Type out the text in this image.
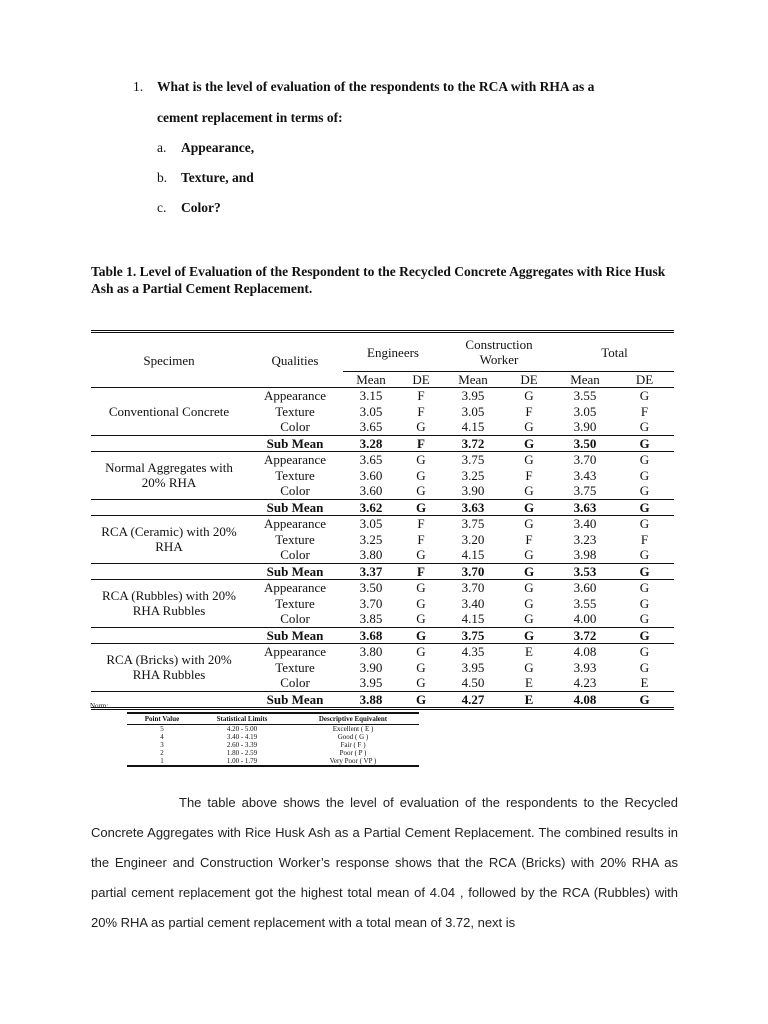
1. What is the level of evaluation of the respondents to the RCA with RHA as a
cement replacement in terms of:
a. Appearance,
b. Texture, and
c. Color?
Table 1. Level of Evaluation of the Respondent to the Recycled Concrete Aggregates with Rice Husk Ash as a Partial Cement Replacement.
Specimen	Qualities	Engineers		Construction Worker		Total	
		Mean	DE	Mean	DE	Mean	DE
Conventional Concrete	Appearance	3.15	F	3.95	G	3.55	G
	Texture	3.05	F	3.05	F	3.05	F
	Color	3.65	G	4.15	G	3.90	G
	Sub Mean	3.28	F	3.72	G	3.50	G
Normal Aggregates with 20% RHA	Appearance	3.65	G	3.75	G	3.70	G
	Texture	3.60	G	3.25	F	3.43	G
	Color	3.60	G	3.90	G	3.75	G
	Sub Mean	3.62	G	3.63	G	3.63	G
RCA (Ceramic) with 20% RHA	Appearance	3.05	F	3.75	G	3.40	G
	Texture	3.25	F	3.20	F	3.23	F
	Color	3.80	G	4.15	G	3.98	G
	Sub Mean	3.37	F	3.70	G	3.53	G
RCA (Rubbles) with 20% RHA Rubbles	Appearance	3.50	G	3.70	G	3.60	G
	Texture	3.70	G	3.40	G	3.55	G
	Color	3.85	G	4.15	G	4.00	G
	Sub Mean	3.68	G	3.75	G	3.72	G
RCA (Bricks) with 20% RHA Rubbles	Appearance	3.80	G	4.35	E	4.08	G
	Texture	3.90	G	3.95	G	3.93	G
	Color	3.95	G	4.50	E	4.23	E
	Sub Mean	3.88	G	4.27	E	4.08	G
Norm:
Point Value	Statistical Limits	Descriptive Equivalent
5	4.20 - 5.00	Excellent ( E )
4	3.40 - 4.19	Good ( G )
3	2.60 - 3.39	Fair ( F )
2	1.80 - 2.59	Poor ( P )
1	1.00 - 1.79	Very Poor ( VP )
The table above shows the level of evaluation of the respondents to the Recycled Concrete Aggregates with Rice Husk Ash as a Partial Cement Replacement. The combined results in the Engineer and Construction Worker’s response shows that the RCA (Bricks) with 20% RHA as partial cement replacement got the highest total mean of 4.04 , followed by the RCA (Rubbles) with 20% RHA as partial cement replacement with a total mean of 3.72, next is
